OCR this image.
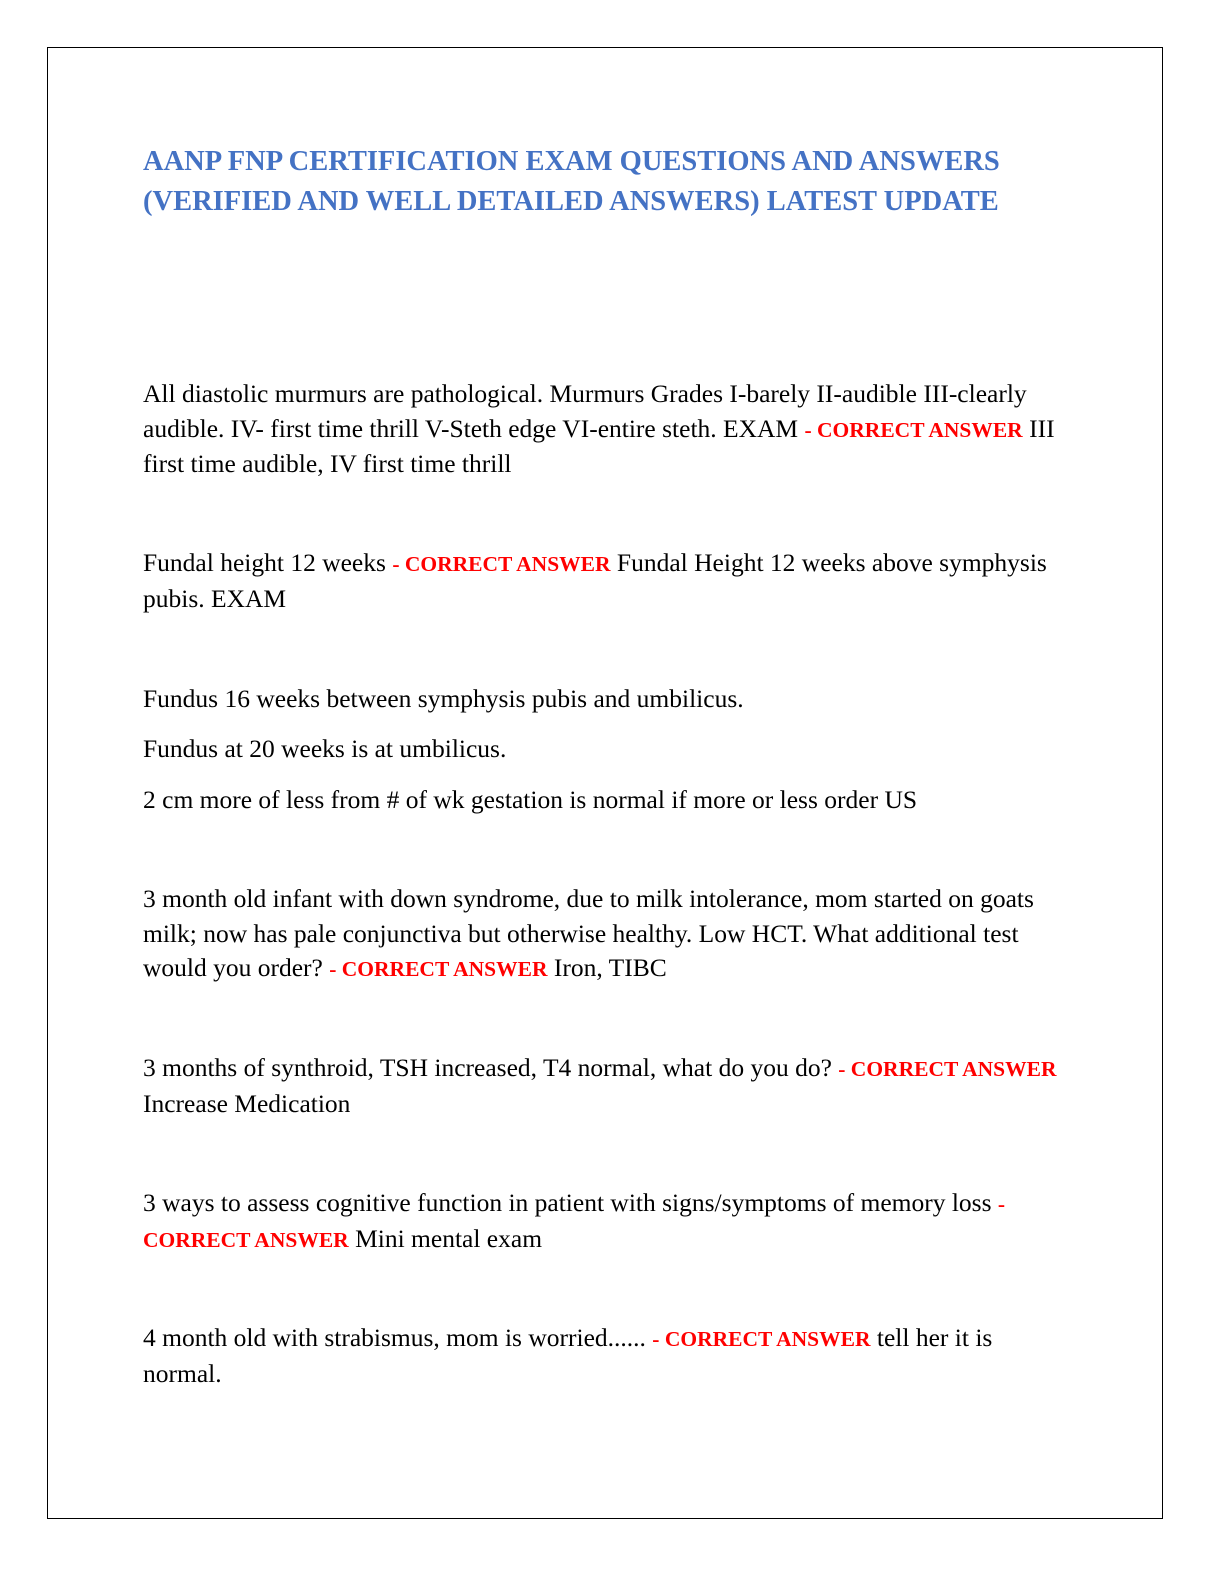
AANP FNP CERTIFICATION EXAM QUESTIONS AND ANSWERS (VERIFIED AND WELL DETAILED ANSWERS) LATEST UPDATE

All diastolic murmurs are pathological. Murmurs Grades I-barely II-audible III-clearly audible. IV- first time thrill V-Steth edge VI-entire steth. EXAM - CORRECT ANSWER III first time audible, IV first time thrill

Fundal height 12 weeks - CORRECT ANSWER Fundal Height 12 weeks above symphysis pubis. EXAM

Fundus 16 weeks between symphysis pubis and umbilicus.

Fundus at 20 weeks is at umbilicus.

2 cm more of less from # of wk gestation is normal if more or less order US

3 month old infant with down syndrome, due to milk intolerance, mom started on goats milk; now has pale conjunctiva but otherwise healthy. Low HCT. What additional test would you order? - CORRECT ANSWER Iron, TIBC

3 months of synthroid, TSH increased, T4 normal, what do you do? - CORRECT ANSWER Increase Medication

3 ways to assess cognitive function in patient with signs/symptoms of memory loss - CORRECT ANSWER Mini mental exam

4 month old with strabismus, mom is worried...... - CORRECT ANSWER tell her it is normal.
